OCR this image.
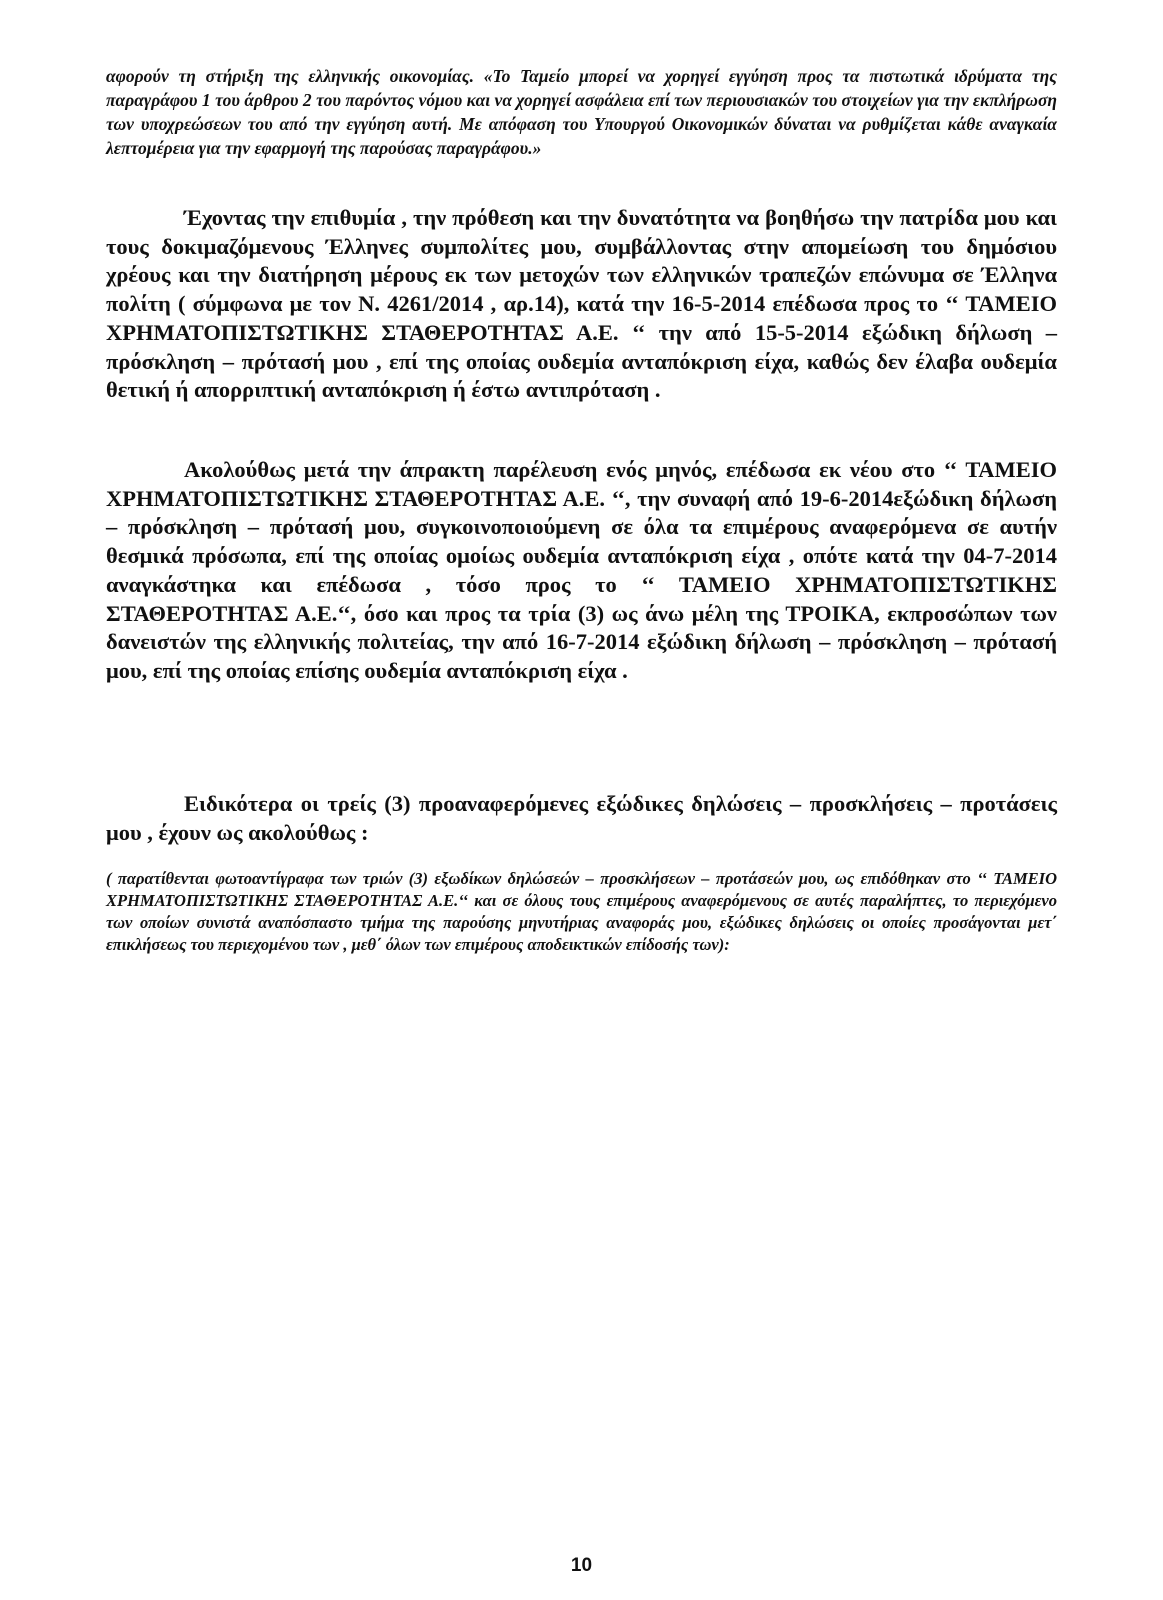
αφορούν τη στήριξη της ελληνικής οικονομίας. «Το Ταμείο μπορεί να χορηγεί εγγύηση προς τα πιστωτικά ιδρύματα της παραγράφου 1 του άρθρου 2 του παρόντος νόμου και να χορηγεί ασφάλεια επί των περιουσιακών του στοιχείων για την εκπλήρωση των υποχρεώσεων του από την εγγύηση αυτή. Με απόφαση του Υπουργού Οικονομικών δύναται να ρυθμίζεται κάθε αναγκαία λεπτομέρεια για την εφαρμογή της παρούσας παραγράφου.»

Έχοντας την επιθυμία , την πρόθεση και την δυνατότητα να βοηθήσω την πατρίδα μου και τους δοκιμαζόμενους Έλληνες συμπολίτες μου, συμβάλλοντας στην απομείωση του δημόσιου χρέους και την διατήρηση μέρους εκ των μετοχών των ελληνικών τραπεζών επώνυμα σε Έλληνα πολίτη ( σύμφωνα με τον Ν. 4261/2014 , αρ.14), κατά την 16-5-2014 επέδωσα προς το ‘‘ ΤΑΜΕΙΟ ΧΡΗΜΑΤΟΠΙΣΤΩΤΙΚΗΣ ΣΤΑΘΕΡΟΤΗΤΑΣ Α.Ε. ‘‘ την από 15-5-2014 εξώδικη δήλωση – πρόσκληση – πρότασή μου , επί της οποίας ουδεμία ανταπόκριση είχα, καθώς δεν έλαβα ουδεμία θετική ή απορριπτική ανταπόκριση ή έστω αντιπρόταση .

Ακολούθως μετά την άπρακτη παρέλευση ενός μηνός, επέδωσα εκ νέου στο ‘‘ ΤΑΜΕΙΟ ΧΡΗΜΑΤΟΠΙΣΤΩΤΙΚΗΣ ΣΤΑΘΕΡΟΤΗΤΑΣ Α.Ε. ‘‘, την συναφή από 19-6-2014εξώδικη δήλωση – πρόσκληση – πρότασή μου, συγκοινοποιούμενη σε όλα τα επιμέρους αναφερόμενα σε αυτήν θεσμικά πρόσωπα, επί της οποίας ομοίως ουδεμία ανταπόκριση είχα , οπότε κατά την 04-7-2014 αναγκάστηκα και επέδωσα , τόσο προς το ‘‘ ΤΑΜΕΙΟ ΧΡΗΜΑΤΟΠΙΣΤΩΤΙΚΗΣ ΣΤΑΘΕΡΟΤΗΤΑΣ Α.Ε.‘‘, όσο και προς τα τρία (3) ως άνω μέλη της ΤΡΟΙΚΑ, εκπροσώπων των δανειστών της ελληνικής πολιτείας, την από 16-7-2014 εξώδικη δήλωση – πρόσκληση – πρότασή μου, επί της οποίας επίσης ουδεμία ανταπόκριση είχα .

Ειδικότερα οι τρείς (3) προαναφερόμενες εξώδικες δηλώσεις – προσκλήσεις – προτάσεις μου , έχουν ως ακολούθως :

( παρατίθενται φωτοαντίγραφα των τριών (3) εξωδίκων δηλώσεών – προσκλήσεων – προτάσεών μου, ως επιδόθηκαν στο ‘‘ ΤΑΜΕΙΟ ΧΡΗΜΑΤΟΠΙΣΤΩΤΙΚΗΣ ΣΤΑΘΕΡΟΤΗΤΑΣ Α.Ε.‘‘ και σε όλους τους επιμέρους αναφερόμενους σε αυτές παραλήπτες, το περιεχόμενο των οποίων συνιστά αναπόσπαστο τμήμα της παρούσης μηνυτήριας αναφοράς μου, εξώδικες δηλώσεις οι οποίες προσάγονται μετ΄ επικλήσεως του περιεχομένου των , μεθ΄ όλων των επιμέρους αποδεικτικών επίδοσής των):

10
